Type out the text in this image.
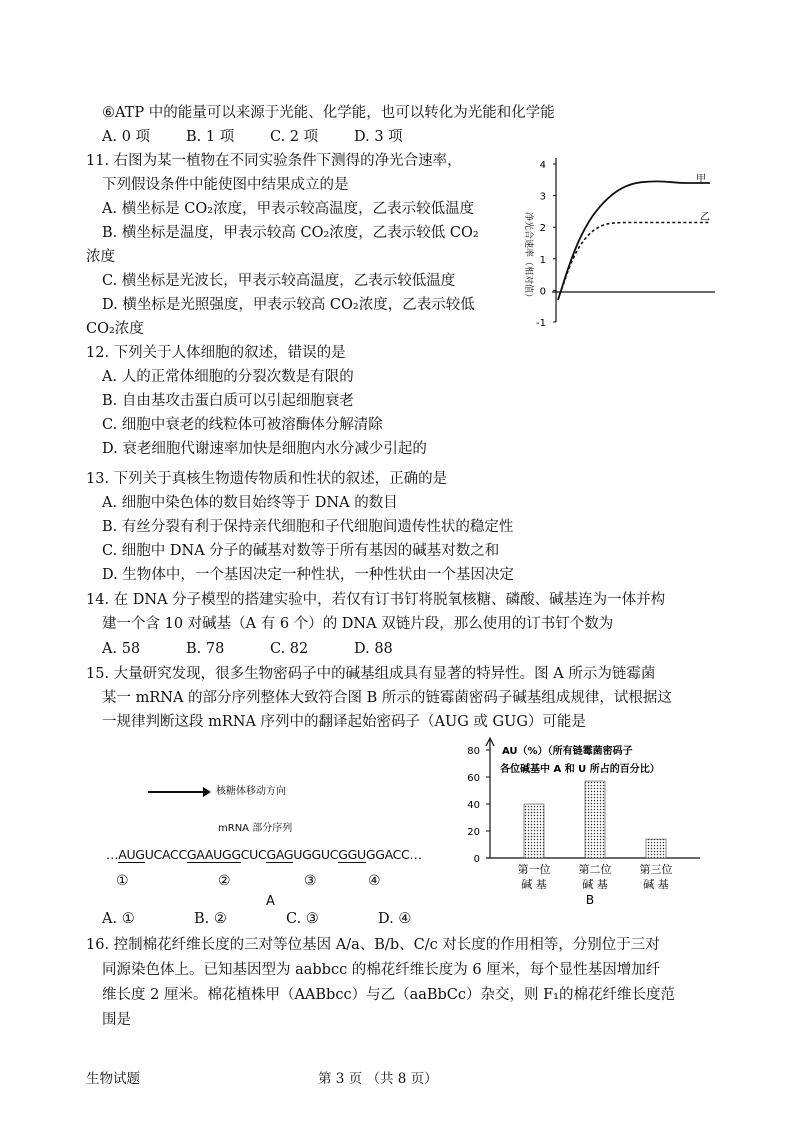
⑥ATP 中的能量可以来源于光能、化学能，也可以转化为光能和化学能
A. 0 项 B. 1 项 C. 2 项 D. 3 项
11. 右图为某一植物在不同实验条件下测得的净光合速率，
下列假设条件中能使图中结果成立的是
A. 横坐标是 CO₂浓度，甲表示较高温度，乙表示较低温度
B. 横坐标是温度，甲表示较高 CO₂浓度，乙表示较低 CO₂
浓度
C. 横坐标是光波长，甲表示较高温度，乙表示较低温度
D. 横坐标是光照强度，甲表示较高 CO₂浓度，乙表示较低
CO₂浓度
净光合速率（相对值）
4
3
2
1
0
-1
甲
乙
12. 下列关于人体细胞的叙述，错误的是
A. 人的正常体细胞的分裂次数是有限的
B. 自由基攻击蛋白质可以引起细胞衰老
C. 细胞中衰老的线粒体可被溶酶体分解清除
D. 衰老细胞代谢速率加快是细胞内水分减少引起的
13. 下列关于真核生物遗传物质和性状的叙述，正确的是
A. 细胞中染色体的数目始终等于 DNA 的数目
B. 有丝分裂有利于保持亲代细胞和子代细胞间遗传性状的稳定性
C. 细胞中 DNA 分子的碱基对数等于所有基因的碱基对数之和
D. 生物体中，一个基因决定一种性状，一种性状由一个基因决定
14. 在 DNA 分子模型的搭建实验中，若仅有订书钉将脱氧核糖、磷酸、碱基连为一体并构
建一个含 10 对碱基（A 有 6 个）的 DNA 双链片段，那么使用的订书钉个数为
A. 58	B. 78	C. 82	D. 88
15. 大量研究发现，很多生物密码子中的碱基组成具有显著的特异性。图 A 所示为链霉菌
某一 mRNA 的部分序列整体大致符合图 B 所示的链霉菌密码子碱基组成规律，试根据这
一规律判断这段 mRNA 序列中的翻译起始密码子（AUG 或 GUG）可能是
核糖体移动方向
mRNA 部分序列
…AUGUCACCGAAUGGCUCGAGUGGUCGGUGGACC…
①	②	③	④
A
AU（%）（所有链霉菌密码子
各位碱基中 A 和 U 所占的百分比）
0
20
40
60
80
第一位
碱 基
第二位
碱 基
第三位
碱 基
B
A. ①	B. ②	C. ③	D. ④
16. 控制棉花纤维长度的三对等位基因 A/a、B/b、C/c 对长度的作用相等，分别位于三对
同源染色体上。已知基因型为 aabbcc 的棉花纤维长度为 6 厘米，每个显性基因增加纤
维长度 2 厘米。棉花植株甲（AABbcc）与乙（aaBbCc）杂交，则 F₁的棉花纤维长度范
围是
生物试题	第 3 页 （共 8 页）
